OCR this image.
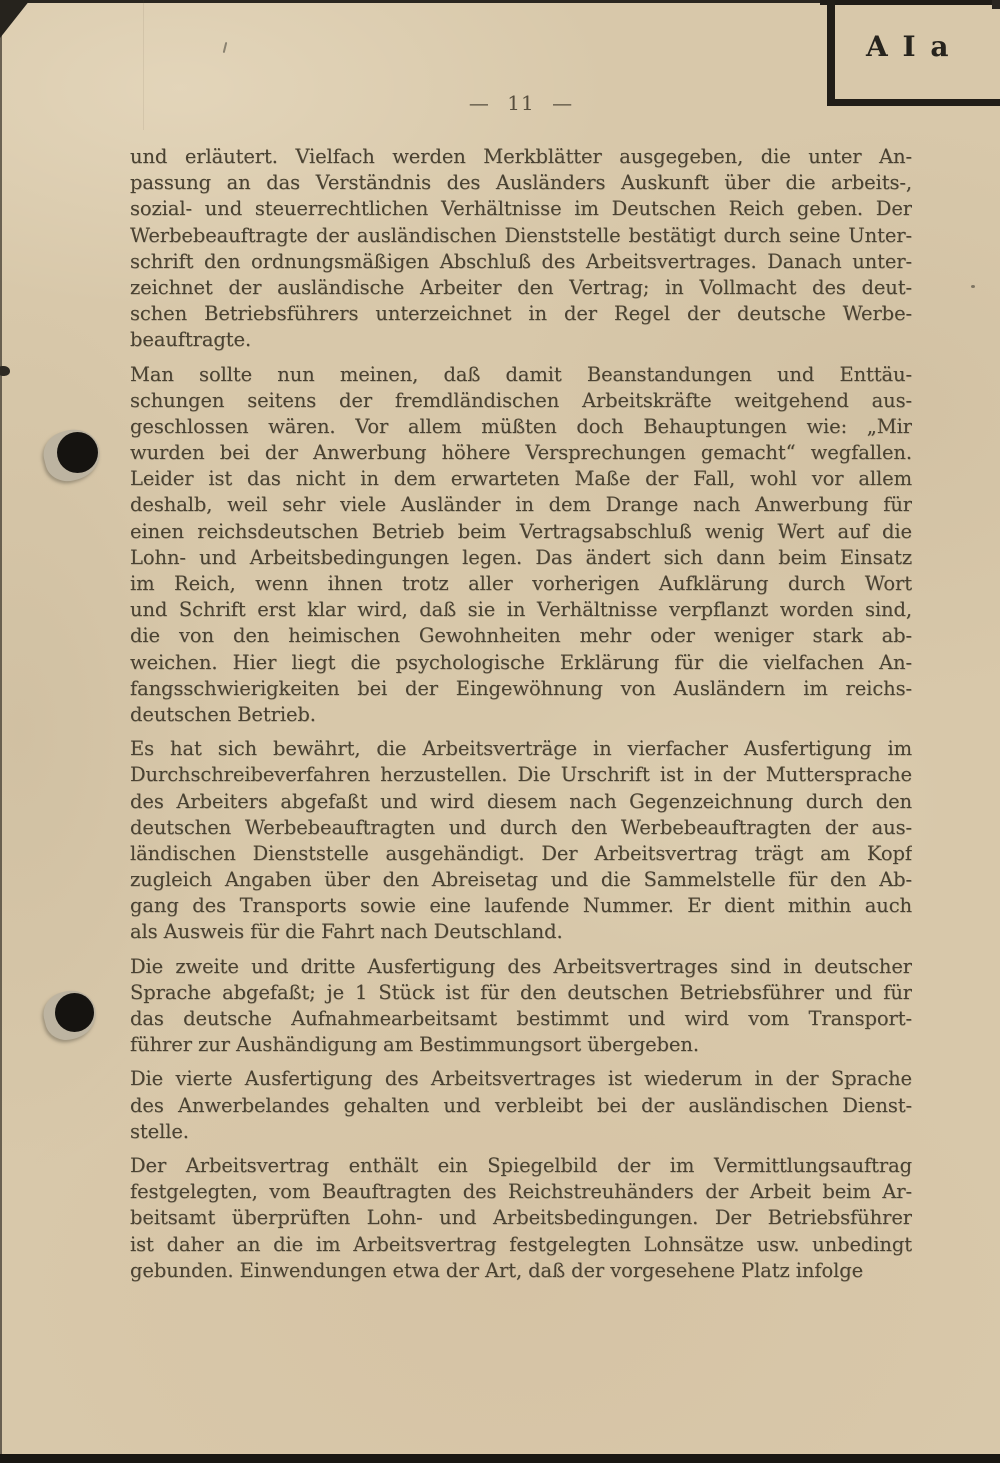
A I a
— 11 —
und erläutert. Vielfach werden Merkblätter ausgegeben, die unter An-
passung an das Verständnis des Ausländers Auskunft über die arbeits-,
sozial- und steuerrechtlichen Verhältnisse im Deutschen Reich geben. Der
Werbebeauftragte der ausländischen Dienststelle bestätigt durch seine Unter-
schrift den ordnungsmäßigen Abschluß des Arbeitsvertrages. Danach unter-
zeichnet der ausländische Arbeiter den Vertrag; in Vollmacht des deut-
schen Betriebsführers unterzeichnet in der Regel der deutsche Werbe-
beauftragte.
Man sollte nun meinen, daß damit Beanstandungen und Enttäu-
schungen seitens der fremdländischen Arbeitskräfte weitgehend aus-
geschlossen wären. Vor allem müßten doch Behauptungen wie: „Mir
wurden bei der Anwerbung höhere Versprechungen gemacht“ wegfallen.
Leider ist das nicht in dem erwarteten Maße der Fall, wohl vor allem
deshalb, weil sehr viele Ausländer in dem Drange nach Anwerbung für
einen reichsdeutschen Betrieb beim Vertragsabschluß wenig Wert auf die
Lohn- und Arbeitsbedingungen legen. Das ändert sich dann beim Einsatz
im Reich, wenn ihnen trotz aller vorherigen Aufklärung durch Wort
und Schrift erst klar wird, daß sie in Verhältnisse verpflanzt worden sind,
die von den heimischen Gewohnheiten mehr oder weniger stark ab-
weichen. Hier liegt die psychologische Erklärung für die vielfachen An-
fangsschwierigkeiten bei der Eingewöhnung von Ausländern im reichs-
deutschen Betrieb.
Es hat sich bewährt, die Arbeitsverträge in vierfacher Ausfertigung im
Durchschreibeverfahren herzustellen. Die Urschrift ist in der Muttersprache
des Arbeiters abgefaßt und wird diesem nach Gegenzeichnung durch den
deutschen Werbebeauftragten und durch den Werbebeauftragten der aus-
ländischen Dienststelle ausgehändigt. Der Arbeitsvertrag trägt am Kopf
zugleich Angaben über den Abreisetag und die Sammelstelle für den Ab-
gang des Transports sowie eine laufende Nummer. Er dient mithin auch
als Ausweis für die Fahrt nach Deutschland.
Die zweite und dritte Ausfertigung des Arbeitsvertrages sind in deutscher
Sprache abgefaßt; je 1 Stück ist für den deutschen Betriebsführer und für
das deutsche Aufnahmearbeitsamt bestimmt und wird vom Transport-
führer zur Aushändigung am Bestimmungsort übergeben.
Die vierte Ausfertigung des Arbeitsvertrages ist wiederum in der Sprache
des Anwerbelandes gehalten und verbleibt bei der ausländischen Dienst-
stelle.
Der Arbeitsvertrag enthält ein Spiegelbild der im Vermittlungsauftrag
festgelegten, vom Beauftragten des Reichstreuhänders der Arbeit beim Ar-
beitsamt überprüften Lohn- und Arbeitsbedingungen. Der Betriebsführer
ist daher an die im Arbeitsvertrag festgelegten Lohnsätze usw. unbedingt
gebunden. Einwendungen etwa der Art, daß der vorgesehene Platz infolge
